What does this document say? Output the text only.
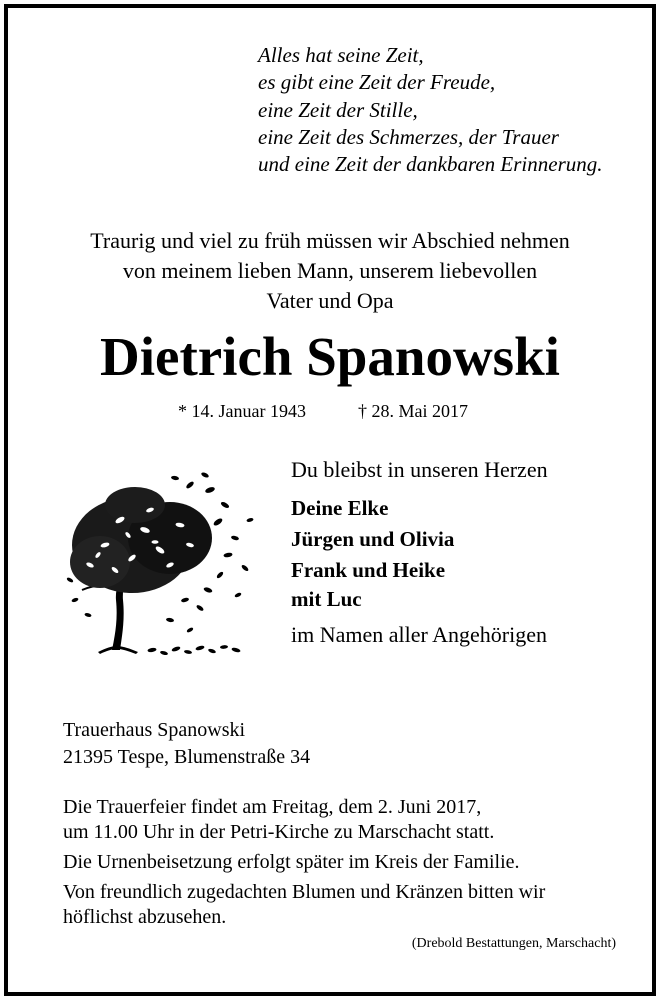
Alles hat seine Zeit,
es gibt eine Zeit der Freude,
eine Zeit der Stille,
eine Zeit des Schmerzes, der Trauer
und eine Zeit der dankbaren Erinnerung.
Traurig und viel zu früh müssen wir Abschied nehmen
von meinem lieben Mann, unserem liebevollen
Vater und Opa
Dietrich Spanowski
* 14. Januar 1943	† 28. Mai 2017
Du bleibst in unseren Herzen
Deine Elke
Jürgen und Olivia
Frank und Heike
mit Luc
im Namen aller Angehörigen
Trauerhaus Spanowski
21395 Tespe, Blumenstraße 34

Die Trauerfeier findet am Freitag, dem 2. Juni 2017,
um 11.00 Uhr in der Petri-Kirche zu Marschacht statt.

Die Urnenbeisetzung erfolgt später im Kreis der Familie.

Von freundlich zugedachten Blumen und Kränzen bitten wir
höflichst abzusehen.

(Drebold Bestattungen, Marschacht)
